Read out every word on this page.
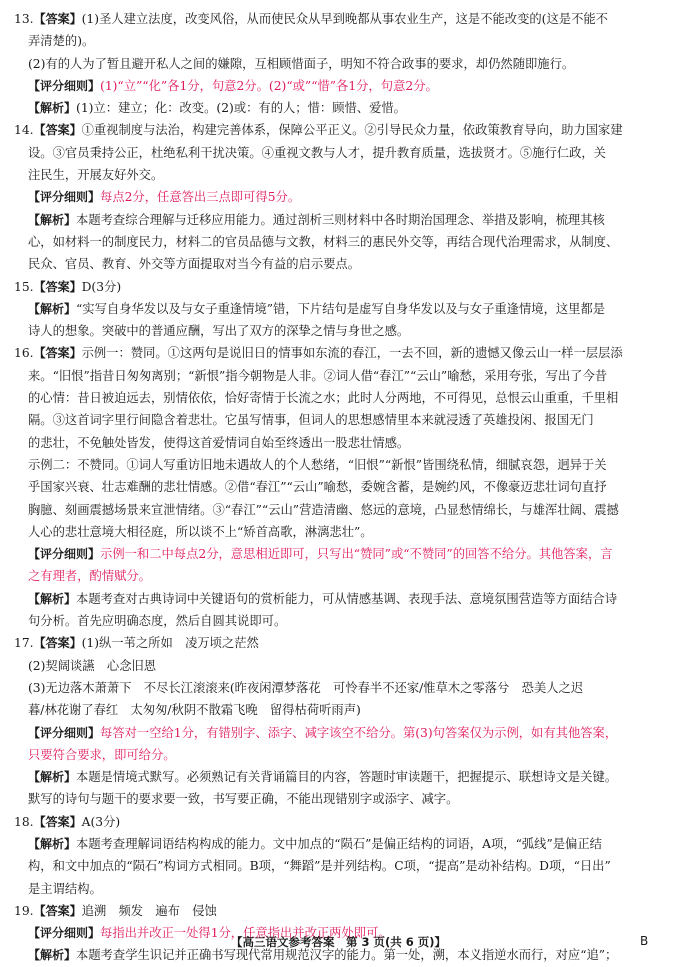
13.【答案】(1)圣人建立法度，改变风俗，从而使民众从早到晚都从事农业生产，这是不能改变的(这是不能不

弄清楚的)。

(2)有的人为了暂且避开私人之间的嫌隙，互相顾惜面子，明知不符合政事的要求，却仍然随即施行。

【评分细则】(1)“立”“化”各1分，句意2分。(2)“或”“惜”各1分，句意2分。

【解析】(1)立：建立；化：改变。(2)或：有的人；惜：顾惜、爱惜。

14.【答案】①重视制度与法治，构建完善体系，保障公平正义。②引导民众力量，依政策教育导向，助力国家建

设。③官员秉持公正，杜绝私利干扰决策。④重视文教与人才，提升教育质量，选拔贤才。⑤施行仁政，关

注民生，开展友好外交。

【评分细则】每点2分，任意答出三点即可得5分。

【解析】本题考查综合理解与迁移应用能力。通过剖析三则材料中各时期治国理念、举措及影响，梳理其核

心，如材料一的制度民力，材料二的官员品德与文教，材料三的惠民外交等，再结合现代治理需求，从制度、

民众、官员、教育、外交等方面提取对当今有益的启示要点。

15.【答案】D(3分)

【解析】“实写自身华发以及与女子重逢情境”错，下片结句是虚写自身华发以及与女子重逢情境，这里都是

诗人的想象。突破中的普通应酬，写出了双方的深挚之情与身世之感。

16.【答案】示例一：赞同。①这两句是说旧日的情事如东流的春江，一去不回，新的遗憾又像云山一样一层层添

来。“旧恨”指昔日匆匆离别；“新恨”指今朝物是人非。②词人借“春江”“云山”喻愁，采用夸张，写出了今昔

的心情：昔日被迫远去，别情依依，恰好寄情于长流之水；此时人分两地，不可得见，总恨云山重重，千里相

隔。③这首词字里行间隐含着悲壮。它虽写情事，但词人的思想感情里本来就浸透了英雄投闲、报国无门

的悲壮，不免触处皆发，使得这首爱情词自始至终透出一股悲壮情感。

示例二：不赞同。①词人写重访旧地未遇故人的个人愁绪，“旧恨”“新恨”皆围绕私情，细腻哀怨，迥异于关

乎国家兴衰、壮志难酬的悲壮情感。②借“春江”“云山”喻愁，委婉含蓄，是婉约风，不像豪迈悲壮词句直抒

胸臆、刻画震撼场景来宣泄情绪。③“春江”“云山”营造清幽、悠远的意境，凸显愁情绵长，与雄浑壮阔、震撼

人心的悲壮意境大相径庭，所以谈不上“矫首高歌，淋漓悲壮”。

【评分细则】示例一和二中每点2分，意思相近即可，只写出“赞同”或“不赞同”的回答不给分。其他答案，言

之有理者，酌情赋分。

【解析】本题考查对古典诗词中关键语句的赏析能力，可从情感基调、表现手法、意境氛围营造等方面结合诗

句分析。首先应明确态度，然后自圆其说即可。

17.【答案】(1)纵一苇之所如　凌万顷之茫然

(2)契阔谈讌　心念旧恩

(3)无边落木萧萧下　不尽长江滚滚来(昨夜闲潭梦落花　可怜春半不还家/惟草木之零落兮　恐美人之迟

暮/林花谢了春红　太匆匆/秋阴不散霜飞晚　留得枯荷听雨声)

【评分细则】每答对一空给1分，有错别字、添字、减字该空不给分。第(3)句答案仅为示例，如有其他答案，

只要符合要求，即可给分。

【解析】本题是情境式默写。必须熟记有关背诵篇目的内容，答题时审读题干，把握提示、联想诗文是关键。

默写的诗句与题干的要求要一致，书写要正确，不能出现错别字或添字、减字。

18.【答案】A(3分)

【解析】本题考查理解词语结构构成的能力。文中加点的“陨石”是偏正结构的词语，A项，“弧线”是偏正结

构，和文中加点的“陨石”构词方式相同。B项，“舞蹈”是并列结构。C项，“提高”是动补结构。D项，“日出”

是主谓结构。

19.【答案】追溯　频发　遍布　侵蚀

【评分细则】每指出并改正一处得1分，任意指出并改正两处即可。

【解析】本题考查学生识记并正确书写现代常用规范汉字的能力。第一处，溯，本义指逆水而行，对应“追”；

【高三语文参考答案　第 3 页(共 6 页)】	B
